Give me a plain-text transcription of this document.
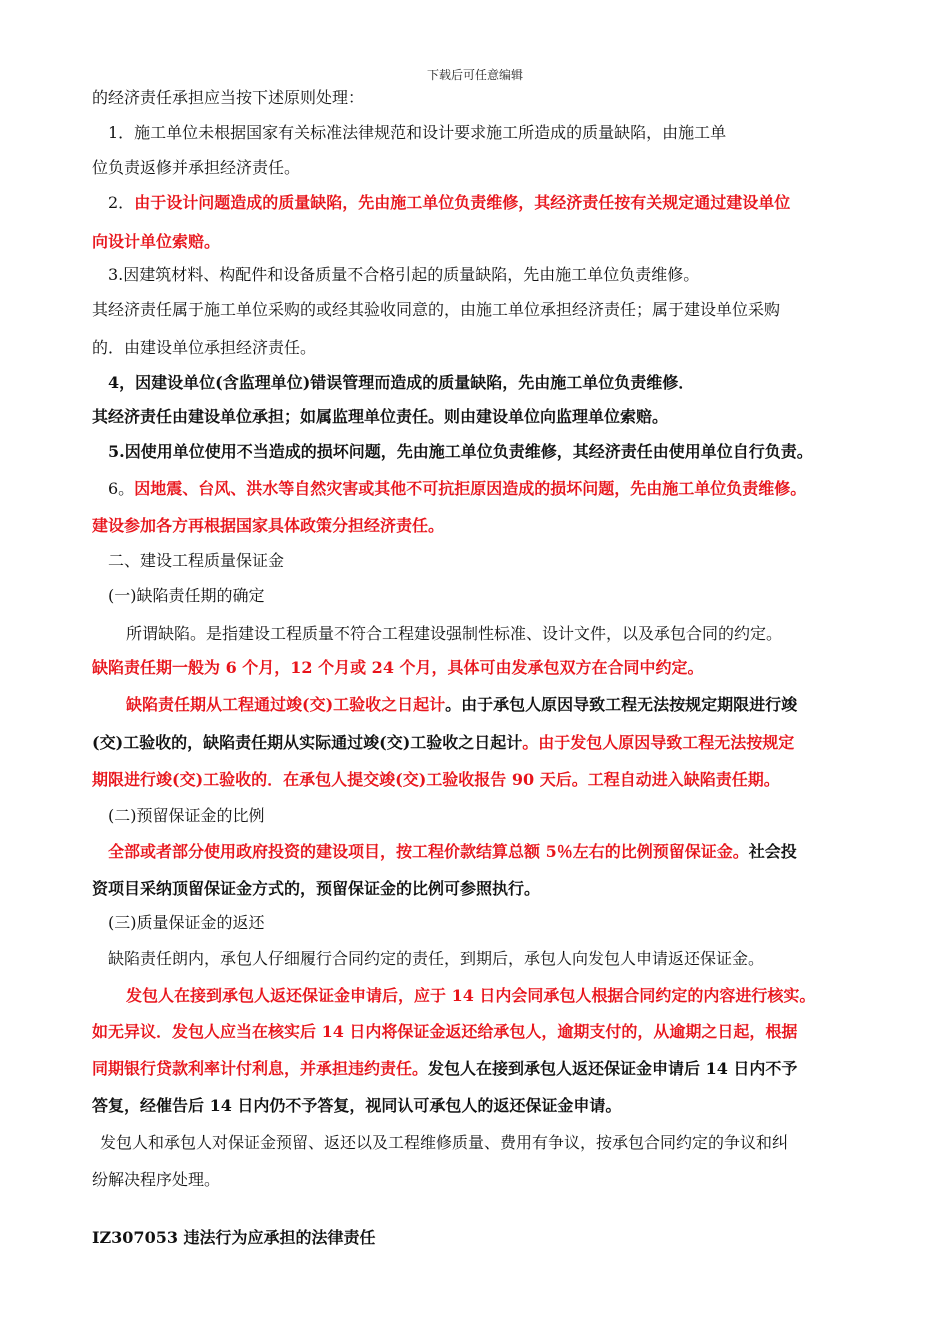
下载后可任意编辑
的经济责任承担应当按下述原则处理：
1．施工单位未根据国家有关标准法律规范和设计要求施工所造成的质量缺陷，由施工单
位负责返修并承担经济责任。
2．由于设计问题造成的质量缺陷，先由施工单位负责维修，其经济责任按有关规定通过建设单位
向设计单位索赔。
3.因建筑材料、构配件和设备质量不合格引起的质量缺陷，先由施工单位负责维修。
其经济责任属于施工单位采购的或经其验收同意的，由施工单位承担经济责任；属于建设单位采购
的．由建设单位承担经济责任。
4，因建设单位(含监理单位)错误管理而造成的质量缺陷，先由施工单位负责维修．
其经济责任由建设单位承担；如属监理单位责任。则由建设单位向监理单位索赔。
5.因使用单位使用不当造成的损坏问题，先由施工单位负责维修，其经济责任由使用单位自行负责。
6。因地震、台风、洪水等自然灾害或其他不可抗拒原因造成的损坏问题，先由施工单位负责维修。
建设参加各方再根据国家具体政策分担经济责任。
二、建设工程质量保证金
(一)缺陷责任期的确定
所谓缺陷。是指建设工程质量不符合工程建设强制性标准、设计文件，以及承包合同的约定。
缺陷责任期一般为 6 个月，12 个月或 24 个月，具体可由发承包双方在合同中约定。
缺陷责任期从工程通过竣(交)工验收之日起计。由于承包人原因导致工程无法按规定期限进行竣
(交)工验收的，缺陷责任期从实际通过竣(交)工验收之日起计。由于发包人原因导致工程无法按规定
期限进行竣(交)工验收的．在承包人提交竣(交)工验收报告 90 天后。工程自动进入缺陷责任期。
(二)预留保证金的比例
全部或者部分使用政府投资的建设项目，按工程价款结算总额 5％左右的比例预留保证金。社会投
资项目采纳顶留保证金方式的，预留保证金的比例可参照执行。
(三)质量保证金的返还
缺陷责任朗内，承包人仔细履行合同约定的责任，到期后，承包人向发包人申请返还保证金。
发包人在接到承包人返还保证金申请后，应于 14 日内会同承包人根据合同约定的内容进行核实。
如无异议．发包人应当在核实后 14 日内将保证金返还给承包人，逾期支付的，从逾期之日起，根据
同期银行贷款利率计付利息，并承担违约责任。发包人在接到承包人返还保证金申请后 14 日内不予
答复，经催告后 14 日内仍不予答复，视同认可承包人的返还保证金申请。
发包人和承包人对保证金预留、返还以及工程维修质量、费用有争议，按承包合同约定的争议和纠
纷解决程序处理。
IZ307053 违法行为应承担的法律责任
